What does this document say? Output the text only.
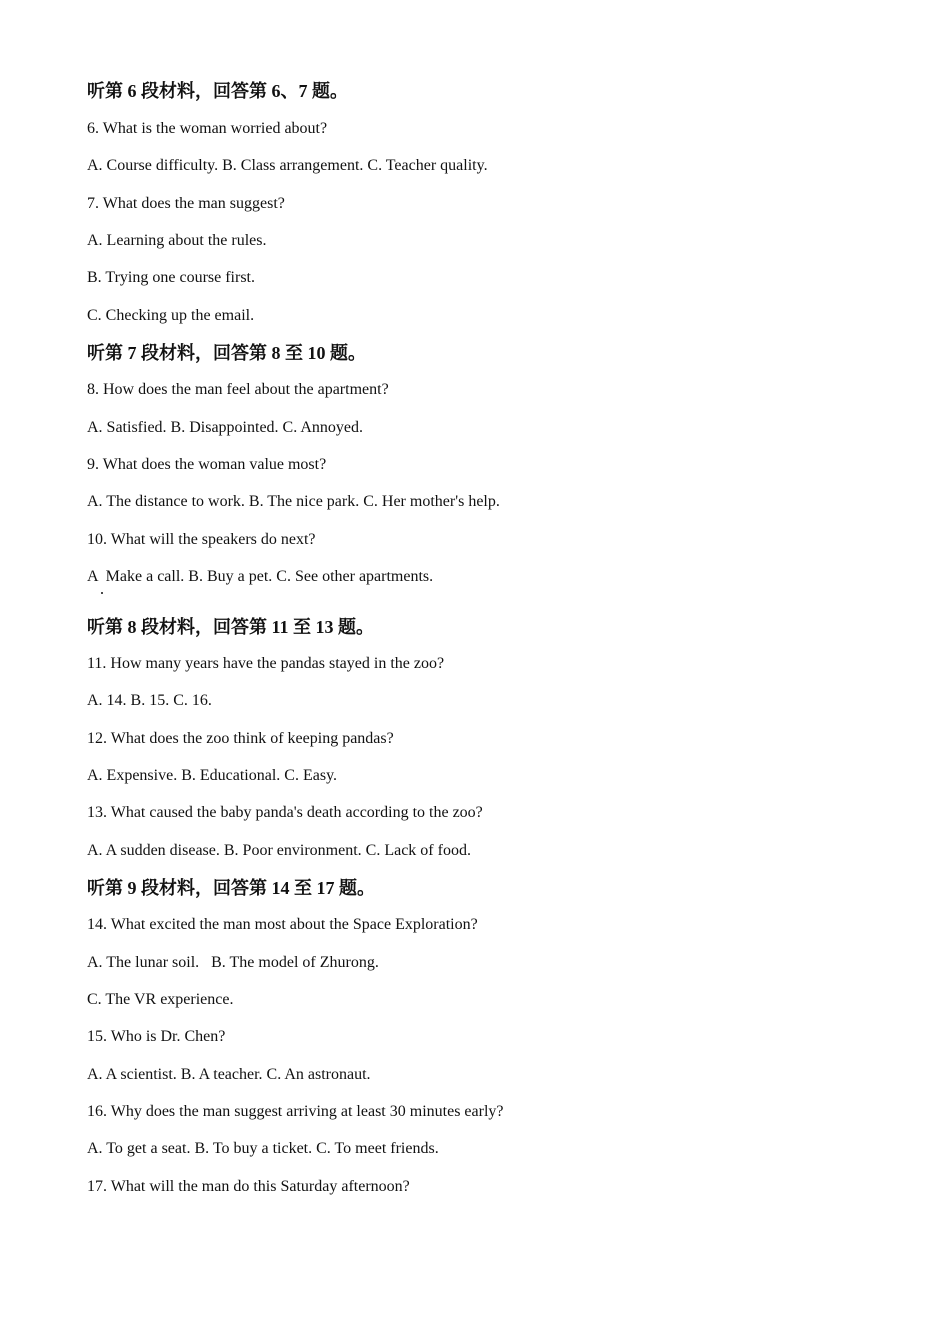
听第 6 段材料，回答第 6、7 题。
6. What is the woman worried about?
A. Course difficulty. B. Class arrangement. C. Teacher quality.
7. What does the man suggest?
A. Learning about the rules.
B. Trying one course first.
C. Checking up the email.
听第 7 段材料，回答第 8 至 10 题。
8. How does the man feel about the apartment?
A. Satisfied. B. Disappointed. C. Annoyed.
9. What does the woman value most?
A. The distance to work. B. The nice park. C. Her mother's help.
10. What will the speakers do next?
A  Make a call. B. Buy a pet. C. See other apartments.
听第 8 段材料，回答第 11 至 13 题。
11. How many years have the pandas stayed in the zoo?
A. 14. B. 15. C. 16.
12. What does the zoo think of keeping pandas?
A. Expensive. B. Educational. C. Easy.
13. What caused the baby panda's death according to the zoo?
A. A sudden disease. B. Poor environment. C. Lack of food.
听第 9 段材料，回答第 14 至 17 题。
14. What excited the man most about the Space Exploration?
A. The lunar soil.   B. The model of Zhurong.
C. The VR experience.
15. Who is Dr. Chen?
A. A scientist. B. A teacher. C. An astronaut.
16. Why does the man suggest arriving at least 30 minutes early?
A. To get a seat. B. To buy a ticket. C. To meet friends.
17. What will the man do this Saturday afternoon?
